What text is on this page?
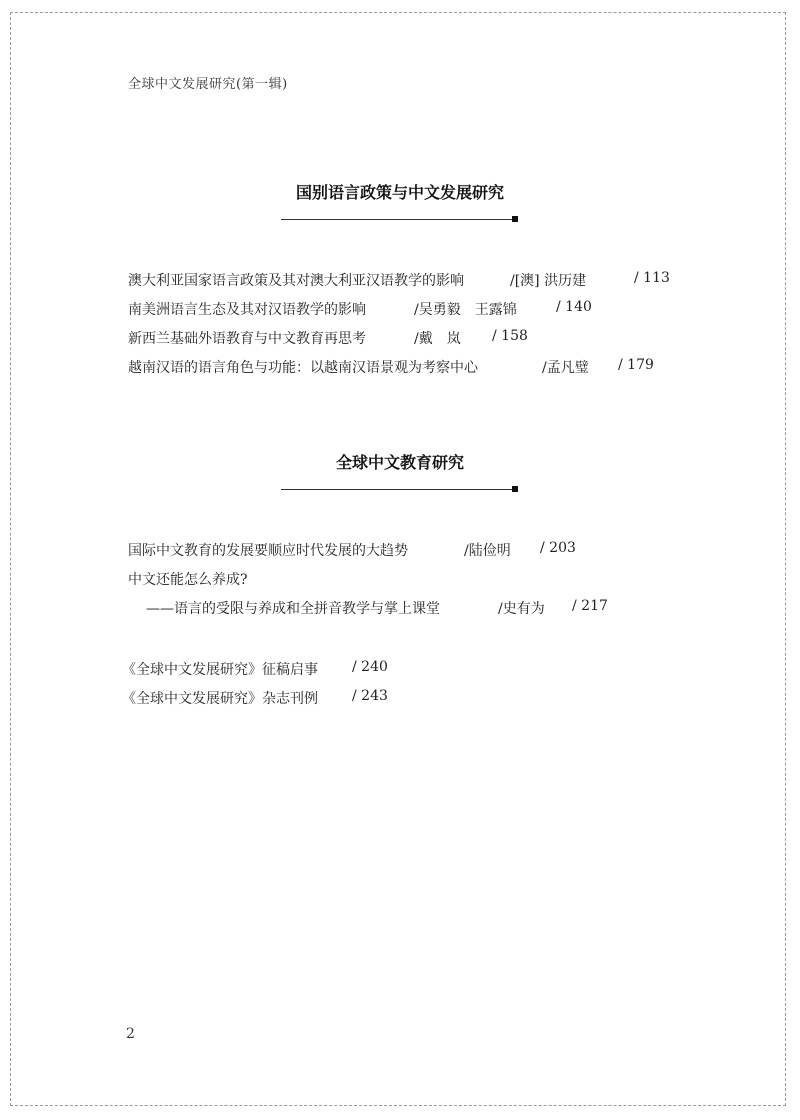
全球中文发展研究(第一辑)
国别语言政策与中文发展研究
澳大利亚国家语言政策及其对澳大利亚汉语教学的影响	/[澳] 洪历建	/ 113
南美洲语言生态及其对汉语教学的影响	/吴勇毅　王露锦	/ 140
新西兰基础外语教育与中文教育再思考	/戴　岚 / 158
越南汉语的语言角色与功能：以越南汉语景观为考察中心	/孟凡璧 / 179
全球中文教育研究
国际中文教育的发展要顺应时代发展的大趋势	/陆俭明 / 203
中文还能怎么养成?
——语言的受限与养成和全拼音教学与掌上课堂	/史有为 / 217
《全球中文发展研究》征稿启事 / 240
《全球中文发展研究》杂志刊例 / 243
2
